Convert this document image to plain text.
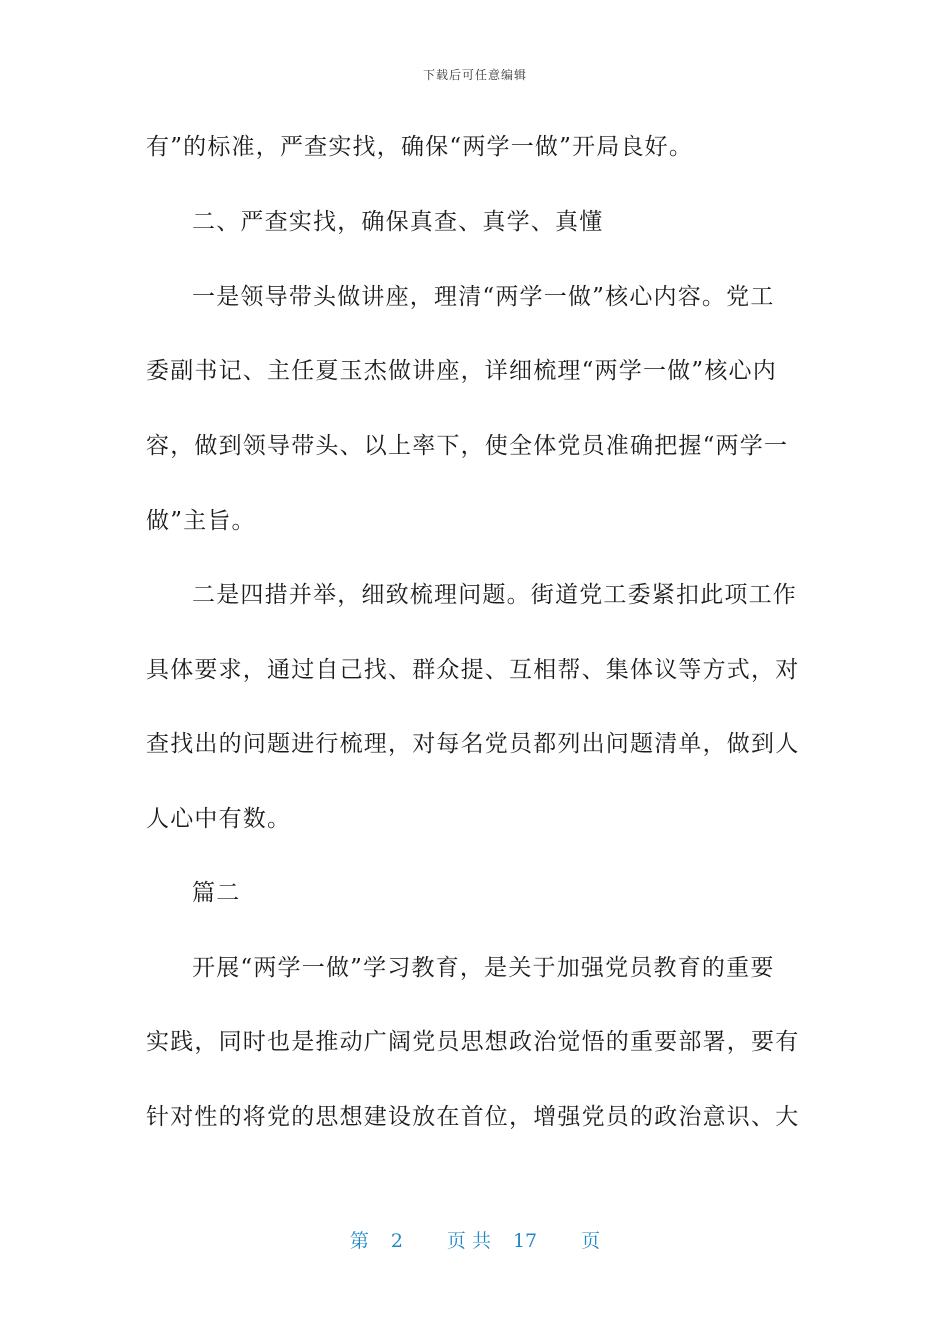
下载后可任意编辑
有”的标准，严查实找，确保“两学一做”开局良好。
二、严查实找，确保真查、真学、真懂
一是领导带头做讲座，理清“两学一做”核心内容。党工
委副书记、主任夏玉杰做讲座，详细梳理“两学一做”核心内
容，做到领导带头、以上率下，使全体党员准确把握“两学一
做”主旨。
二是四措并举，细致梳理问题。街道党工委紧扣此项工作
具体要求，通过自己找、群众提、互相帮、集体议等方式，对
查找出的问题进行梳理，对每名党员都列出问题清单，做到人
人心中有数。
篇二
开展“两学一做”学习教育，是关于加强党员教育的重要
实践，同时也是推动广阔党员思想政治觉悟的重要部署，要有
针对性的将党的思想建设放在首位，增强党员的政治意识、大
第 2 页 共 17 页
